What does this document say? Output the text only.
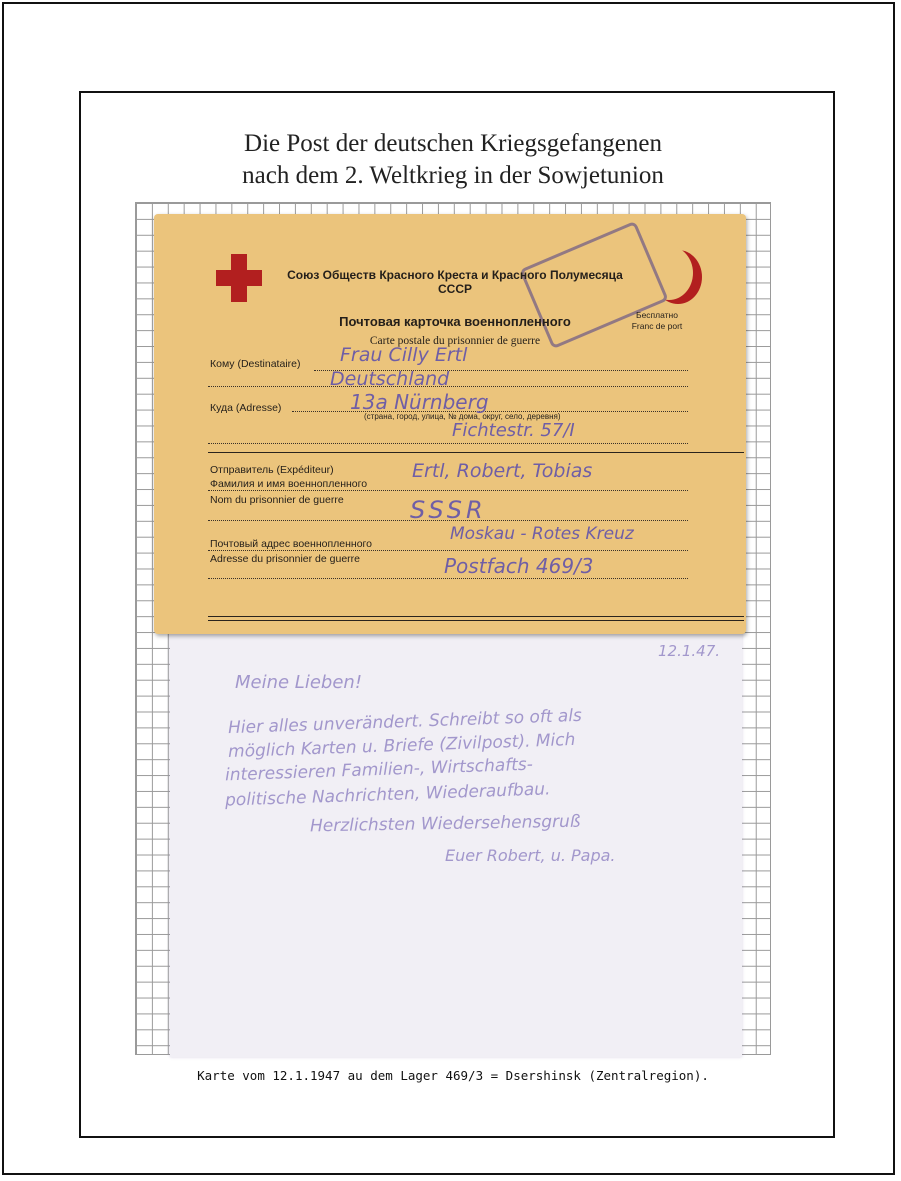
Die Post der deutschen Kriegsgefangenen
nach dem 2. Weltkrieg in der Sowjetunion
12.1.47.
Meine Lieben!
Hier alles unverändert. Schreibt so oft als
möglich Karten u. Briefe (Zivilpost). Mich
interessieren Familien-, Wirtschafts-
politische Nachrichten, Wiederaufbau.
Herzlichsten Wiedersehensgruß
Euer Robert, u. Papa.
Союз Обществ Красного Креста и Красного Полумесяца
СССР
Почтовая карточка военнопленного
Carte postale du prisonnier de guerre
Бесплатно
Franc de port
Кому (Destinataire)
Куда (Adresse)
(страна, город, улица, № дома, округ, село, деревня)
Отправитель (Expéditeur)
Фамилия и имя военнопленного
Nom du prisonnier de guerre
Почтовый адрес военнопленного
Adresse du prisonnier de guerre
Frau Cilly Ertl
Deutschland
13a Nürnberg
Fichtestr. 57/I
Ertl, Robert, Tobias
SSSR
Moskau - Rotes Kreuz
Postfach 469/3
Karte vom 12.1.1947 au dem Lager 469/3 = Dsershinsk (Zentralregion).
